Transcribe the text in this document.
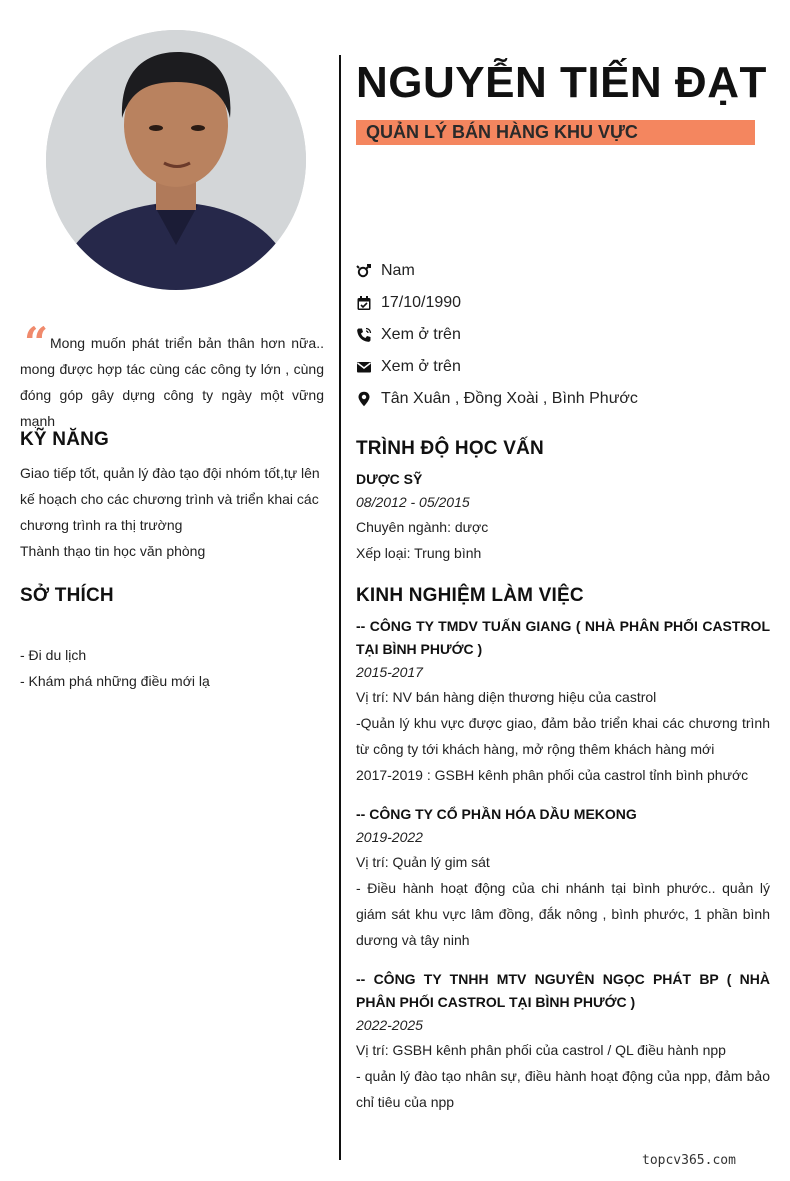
“ Mong muốn phát triển bản thân hơn nữa.. mong được hợp tác cùng các công ty lớn , cùng đóng góp gây dựng công ty ngày một vững mạnh
KỸ NĂNG
Giao tiếp tốt, quản lý đào tạo đội nhóm tốt,tự lên kế hoạch cho các chương trình và triển khai các chương trình ra thị trường
Thành thạo tin học văn phòng
SỞ THÍCH
- Đi du lịch
- Khám phá những điều mới lạ
NGUYỄN TIẾN ĐẠT
QUẢN LÝ BÁN HÀNG KHU VỰC
Nam
17/10/1990
Xem ở trên
Xem ở trên
Tân Xuân , Đồng Xoài , Bình Phước
TRÌNH ĐỘ HỌC VẤN
DƯỢC SỸ
08/2012 - 05/2015
Chuyên ngành: dược
Xếp loại: Trung bình
KINH NGHIỆM LÀM VIỆC
-- CÔNG TY TMDV TUẤN GIANG ( NHÀ PHÂN PHỐI CASTROL TẠI BÌNH PHƯỚC )
2015-2017
Vị trí: NV bán hàng diện thương hiệu của castrol
-Quản lý khu vực được giao, đảm bảo triển khai các chương trình từ công ty tới khách hàng, mở rộng thêm khách hàng mới
2017-2019 : GSBH kênh phân phối của castrol tỉnh bình phước
-- CÔNG TY CỔ PHẦN HÓA DẦU MEKONG
2019-2022
Vị trí: Quản lý gim sát
- Điều hành hoạt động của chi nhánh tại bình phước.. quản lý giám sát khu vực lâm đồng, đắk nông , bình phước, 1 phần bình dương và tây ninh
-- CÔNG TY TNHH MTV NGUYÊN NGỌC PHÁT BP ( NHÀ PHÂN PHỐI CASTROL TẠI BÌNH PHƯỚC )
2022-2025
Vị trí: GSBH kênh phân phối của castrol / QL điều hành npp
- quản lý đào tạo nhân sự, điều hành hoạt động của npp, đảm bảo chỉ tiêu của npp
topcv365.com
